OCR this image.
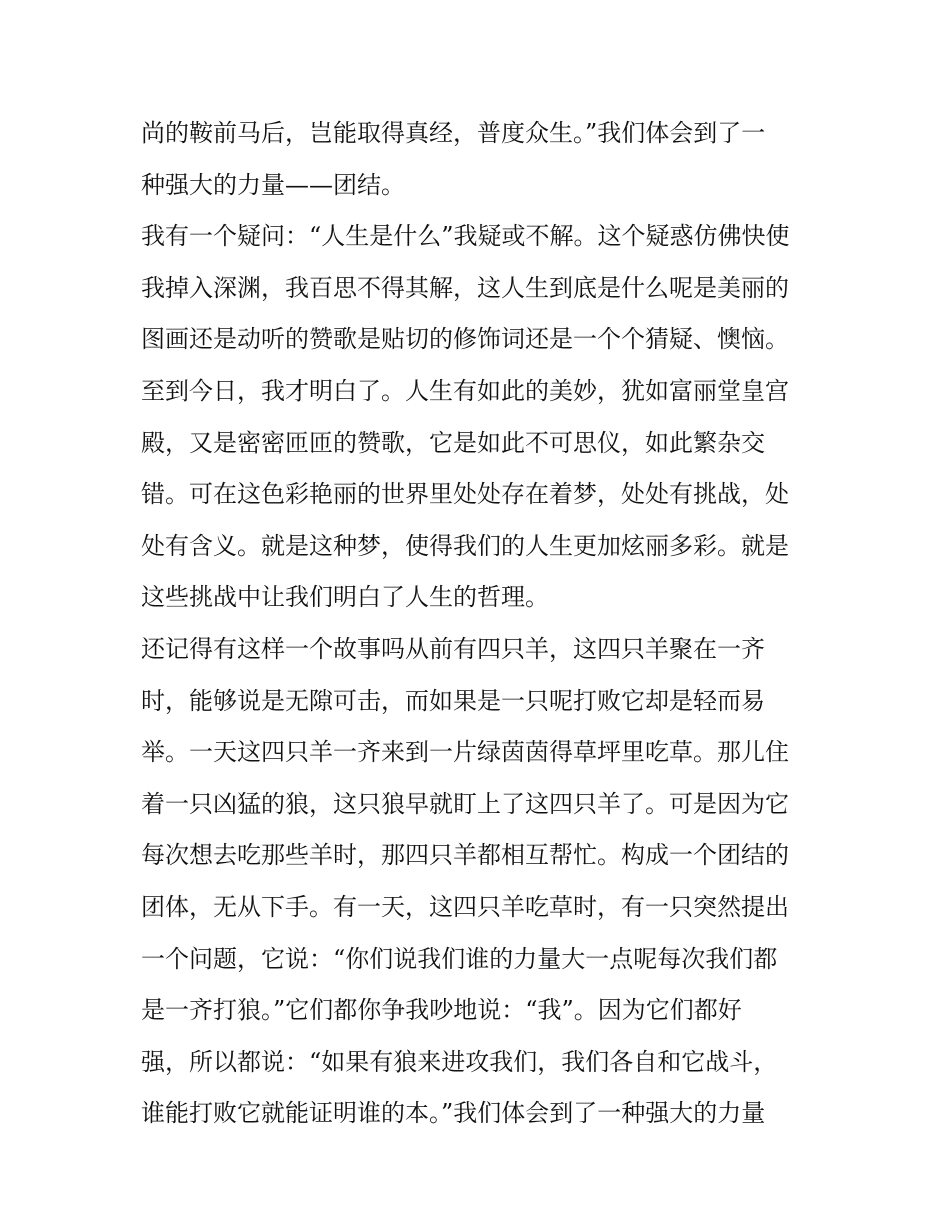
尚的鞍前马后，岂能取得真经，普度众生。”我们体会到了一
种强大的力量——团结。
我有一个疑问：“人生是什么”我疑或不解。这个疑惑仿佛快使
我掉入深渊，我百思不得其解，这人生到底是什么呢是美丽的
图画还是动听的赞歌是贴切的修饰词还是一个个猜疑、懊恼。
至到今日，我才明白了。人生有如此的美妙，犹如富丽堂皇宫
殿，又是密密匝匝的赞歌，它是如此不可思仪，如此繁杂交
错。可在这色彩艳丽的世界里处处存在着梦，处处有挑战，处
处有含义。就是这种梦，使得我们的人生更加炫丽多彩。就是
这些挑战中让我们明白了人生的哲理。
还记得有这样一个故事吗从前有四只羊，这四只羊聚在一齐
时，能够说是无隙可击，而如果是一只呢打败它却是轻而易
举。一天这四只羊一齐来到一片绿茵茵得草坪里吃草。那儿住
着一只凶猛的狼，这只狼早就盯上了这四只羊了。可是因为它
每次想去吃那些羊时，那四只羊都相互帮忙。构成一个团结的
团体，无从下手。有一天，这四只羊吃草时，有一只突然提出
一个问题，它说：“你们说我们谁的力量大一点呢每次我们都
是一齐打狼。”它们都你争我吵地说：“我”。因为它们都好
强，所以都说：“如果有狼来进攻我们，我们各自和它战斗，
谁能打败它就能证明谁的本。”我们体会到了一种强大的力量
